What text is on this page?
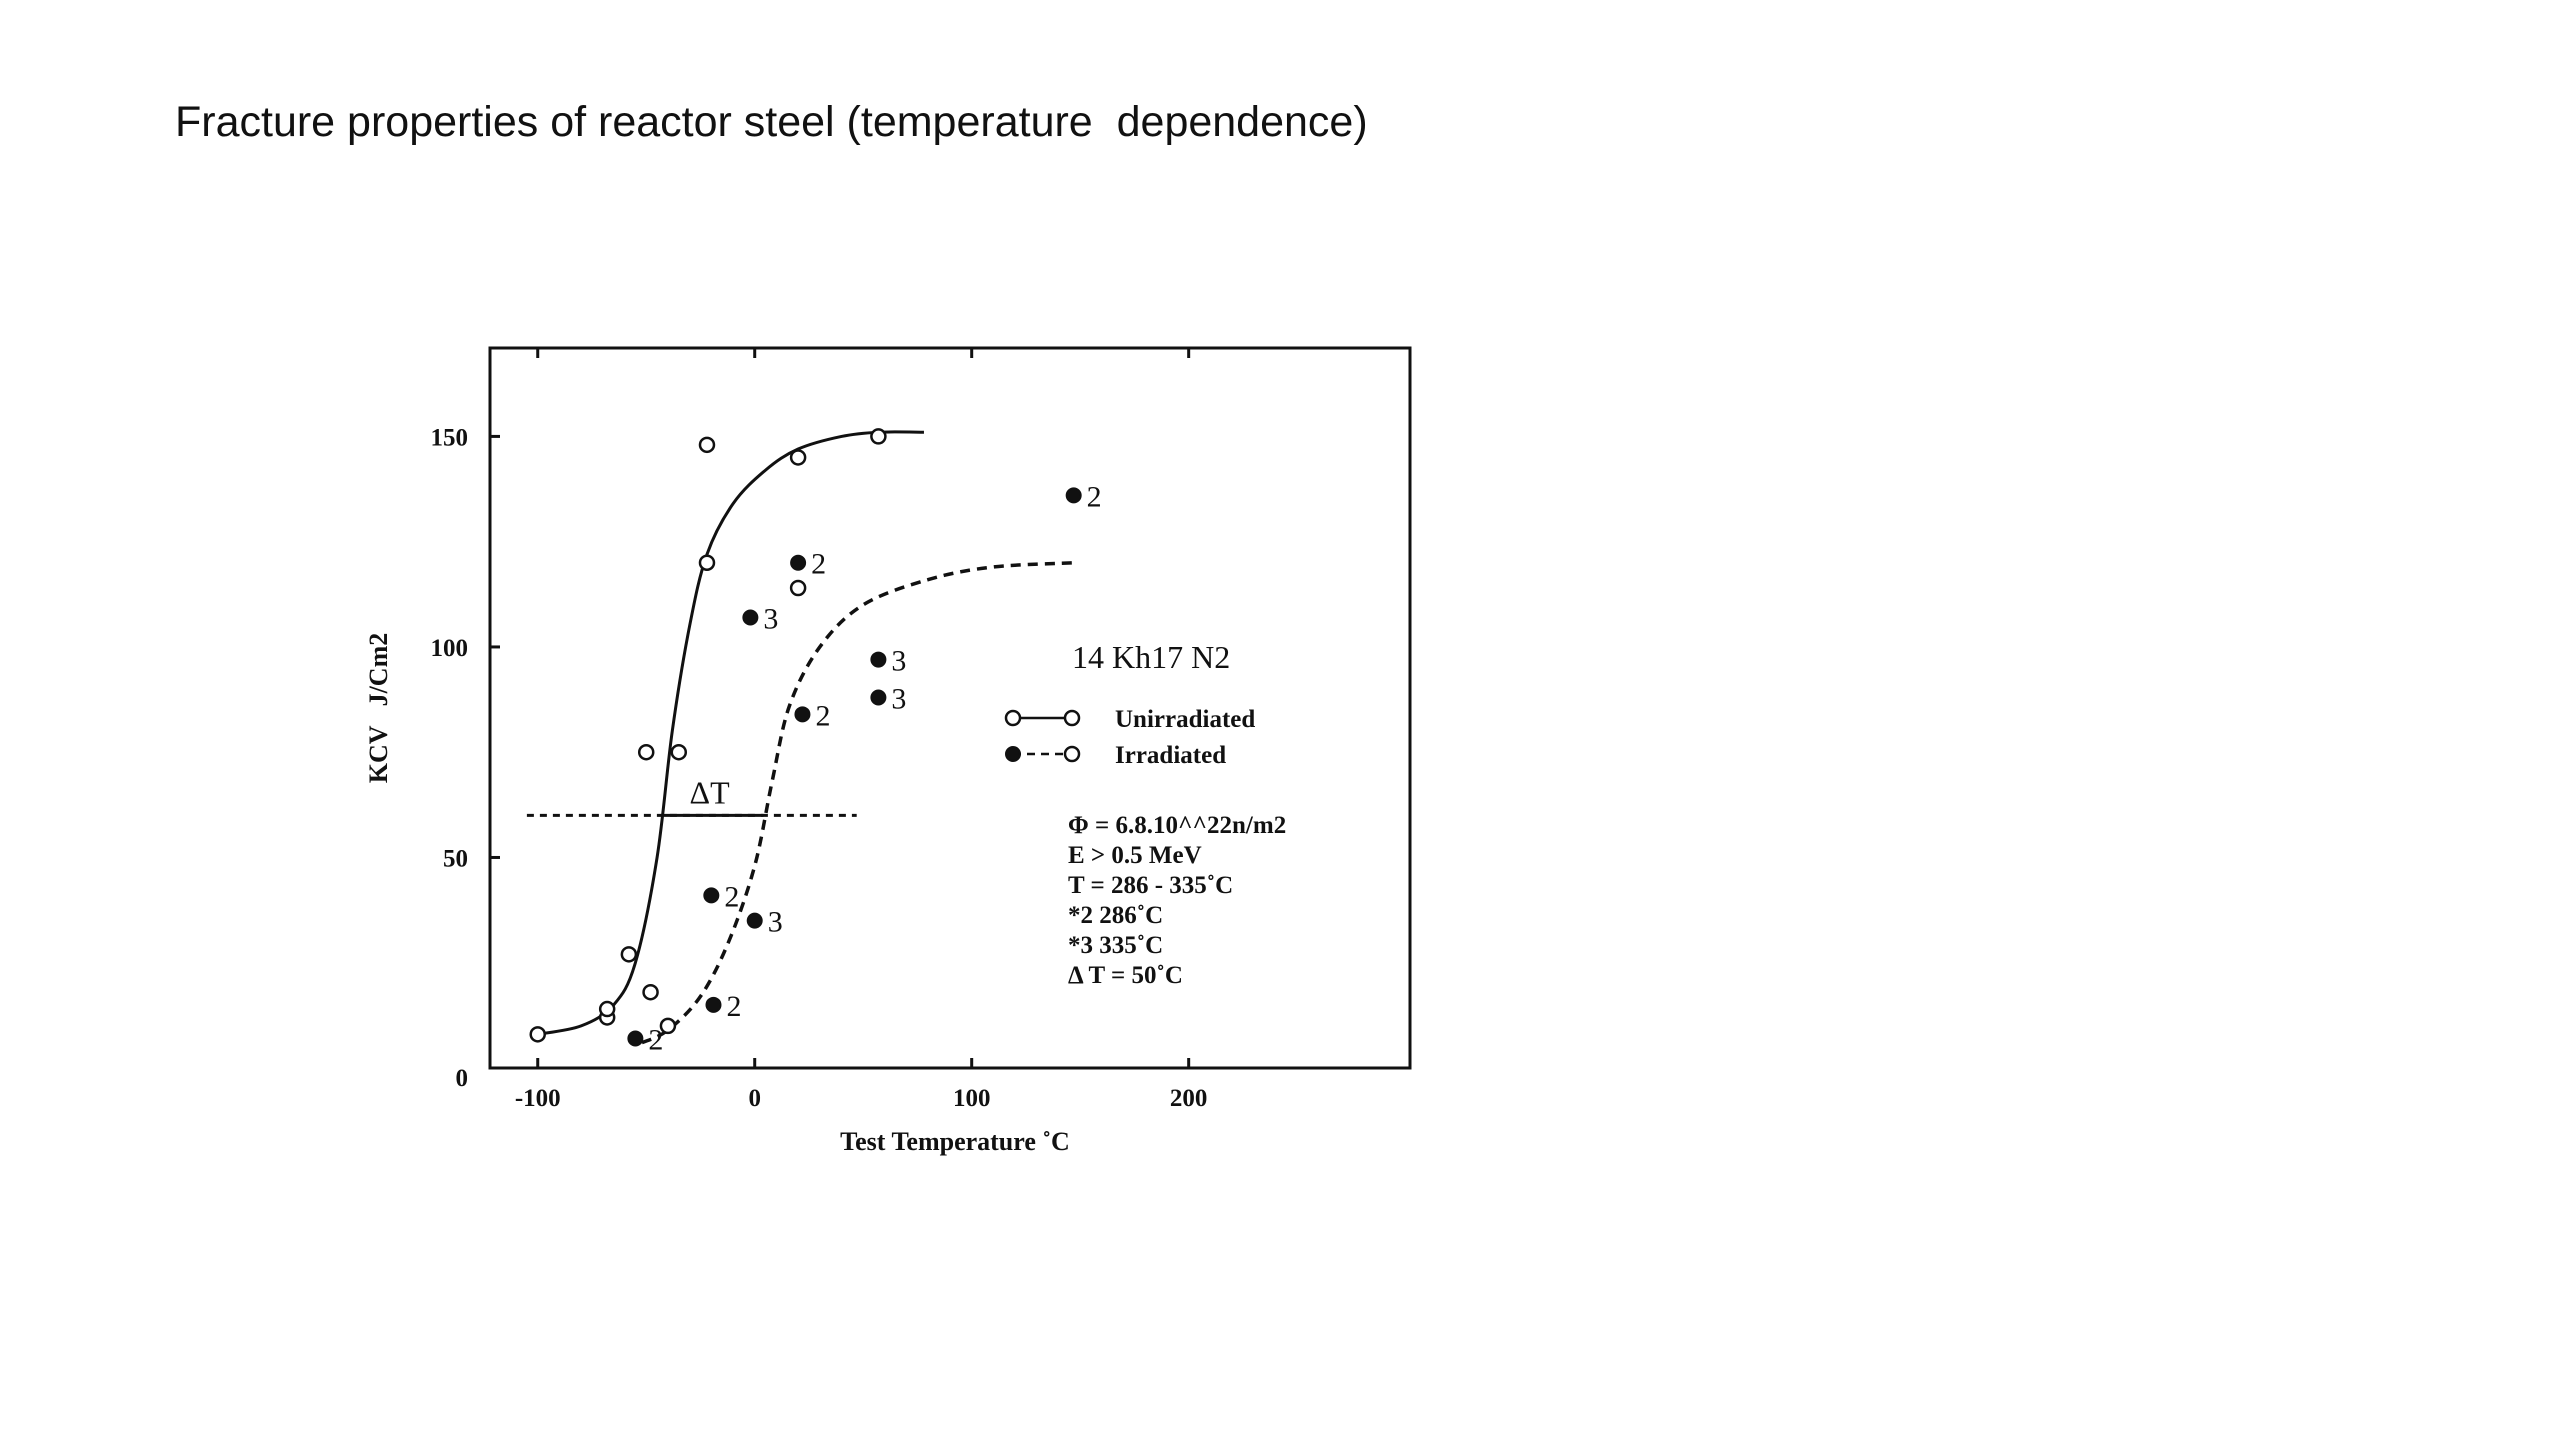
Fracture properties of reactor steel (temperature  dependence)
-100	0	100	200
0
50
100
150
2
2
2
2
2
3
3
3
2
3
Test Temperature ˚C
KCV   J/Cm2	14 Kh17 N2
Unirradiated
Irradiated
Φ = 6.8.10^^22n/m2
E > 0.5 MeV
T = 286 - 335˚C
*2 286˚C
*3 335˚C
Δ T = 50˚C
ΔT
